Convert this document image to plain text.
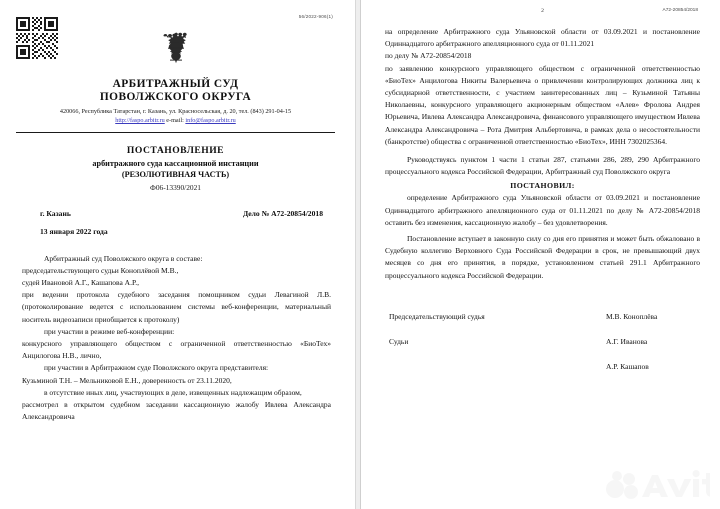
56/2022-906(1)
АРБИТРАЖНЫЙ СУД
ПОВОЛЖСКОГО ОКРУГА
420066, Республика Татарстан, г. Казань, ул. Красносельская, д. 20, тел. (843) 291-04-15
http://faspo.arbitr.ru e-mail: info@faspo.arbitr.ru
ПОСТАНОВЛЕНИЕ
арбитражного суда кассационной инстанции
(РЕЗОЛЮТИВНАЯ ЧАСТЬ)
Ф06-13390/2021
г. Казань	Дело № А72-20854/2018
13 января 2022 года

Арбитражный суд Поволжского округа в составе:

председательствующего судьи Коноплёвой М.В.,

судей Ивановой А.Г., Кашапова А.Р.,

при ведении протокола судебного заседания помощником судьи Левагиной Л.В. (протоколирование ведется с использованием системы веб-конференции, материальный носитель видеозаписи приобщается к протоколу)

при участии в режиме веб-конференции:

конкурсного управляющего обществом с ограниченной ответственностью «БиоТех» Анцилогова Н.В., лично,

при участии в Арбитражном суде Поволжского округа представителя:

Кузьминой Т.Н. – Мельниковой Е.Н., доверенность от 23.11.2020,

в отсутствие иных лиц, участвующих в деле, извещенных надлежащим образом,

рассмотрел в открытом судебном заседании кассационную жалобу Ивлева Александра Александровича

2	А72-20854/2018

на определение Арбитражного суда Ульяновской области от 03.09.2021 и постановление Одиннадцатого арбитражного апелляционного суда от 01.11.2021

по делу № А72-20854/2018

по заявлению конкурсного управляющего обществом с ограниченной ответственностью «БиоТех» Анцилогова Никиты Валерьевича о привлечении контролирующих должника лиц к субсидиарной ответственности, с участием заинтересованных лиц – Кузьминой Татьяны Николаевны, конкурсного управляющего акционерным обществом «Алев» Фролова Андрея Юрьевича, Ивлева Александра Александровича, финансового управляющего имуществом Ивлева Александра Александровича – Рота Дмитрия Альбертовича, в рамках дела о несостоятельности (банкротстве) общества с ограниченной ответственностью «БиоТех», ИНН 7302025364.

Руководствуясь пунктом 1 части 1 статьи 287, статьями 286, 289, 290 Арбитражного процессуального кодекса Российской Федерации, Арбитражный суд Поволжского округа

ПОСТАНОВИЛ:

определение Арбитражного суда Ульяновской области от 03.09.2021 и постановление Одиннадцатого арбитражного апелляционного суда от 01.11.2021 по делу № А72-20854/2018 оставить без изменения, кассационную жалобу – без удовлетворения.

Постановление вступает в законную силу со дня его принятия и может быть обжаловано в Судебную коллегию Верховного Суда Российской Федерации в срок, не превышающий двух месяцев со дня его принятия, в порядке, установленном статьей 291.1 Арбитражного процессуального кодекса Российской Федерации.

Председательствующий судья	М.В. Коноплёва
Судьи	А.Г. Иванова
А.Р. Кашапов
